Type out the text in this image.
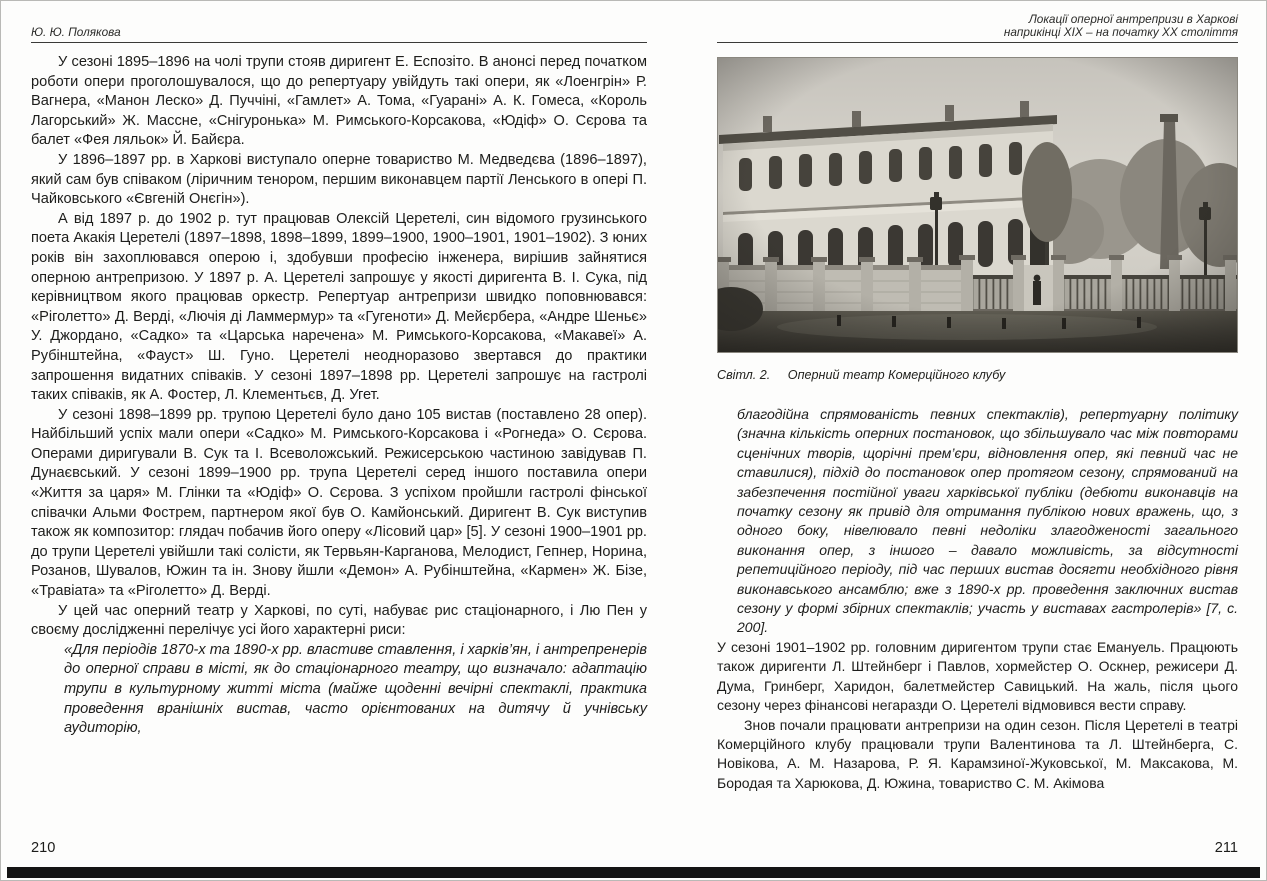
Ю. Ю. Полякова
Локації оперної антрепризи в Харкові
наприкінці XIX – на початку XX століття

У сезоні 1895–1896 на чолі трупи стояв диригент Е. Еспозіто. В анонсі перед початком роботи опери проголошувалося, що до репертуару увійдуть такі опери, як «Лоенгрін» Р. Вагнера, «Манон Леско» Д. Пуччіні, «Гамлет» А. Тома, «Гуарані» А. К. Гомеса, «Король Лагорський» Ж. Массне, «Снігуронька» М. Римського-Корсакова, «Юдіф» О. Сєрова та балет «Фея ляльок» Й. Байєра.

У 1896–1897 рр. в Харкові виступало оперне товариство М. Медведєва (1896–1897), який сам був співаком (ліричним тенором, першим виконавцем партії Ленського в опері П. Чайковського «Євгеній Онєгін»).

А від 1897 р. до 1902 р. тут працював Олексій Церетелі, син відомого грузинського поета Акакія Церетелі (1897–1898, 1898–1899, 1899–1900, 1900–1901, 1901–1902). З юних років він захоплювався оперою і, здобувши професію інженера, вирішив зайнятися оперною антрепризою. У 1897 р. А. Церетелі запрошує у якості диригента В. І. Сука, під керівництвом якого працював оркестр. Репертуар антрепризи швидко поповнювався: «Ріголетто» Д. Верді, «Лючія ді Ламмермур» та «Гугеноти» Д. Мейєрбера, «Андре Шеньє» У. Джордано, «Садко» та «Царська наречена» М. Римського-Корсакова, «Макавеї» А. Рубінштейна, «Фауст» Ш. Гуно. Церетелі неодноразово звертався до практики запрошення видатних співаків. У сезоні 1897–1898 рр. Церетелі запрошує на гастролі таких співаків, як А. Фостер, Л. Клементьєв, Д. Угет.

У сезоні 1898–1899 рр. трупою Церетелі було дано 105 вистав (поставлено 28 опер). Найбільший успіх мали опери «Садко» М. Римського-Корсакова і «Рогнеда» О. Сєрова. Операми диригували В. Сук та І. Всеволожський. Режисерською частиною завідував П. Дунаєвський. У сезоні 1899–1900 рр. трупа Церетелі серед іншого поставила опери «Життя за царя» М. Глінки та «Юдіф» О. Сєрова. З успіхом пройшли гастролі фінської співачки Альми Фострем, партнером якої був О. Камйонський. Диригент В. Сук виступив також як композитор: глядач побачив його оперу «Лісовий цар» [5]. У сезоні 1900–1901 рр. до трупи Церетелі увійшли такі солісти, як Тервьян-Карганова, Мелодист, Гепнер, Норина, Розанов, Шувалов, Южин та ін. Знову йшли «Демон» А. Рубінштейна, «Кармен» Ж. Бізе, «Травіата» та «Ріголетто» Д. Верді.

У цей час оперний театр у Харкові, по суті, набуває рис стаціонарного, і Лю Пен у своєму дослідженні перелічує усі його характерні риси:

«Для періодів 1870-х та 1890-х рр. властиве ставлення, і харків’ян, і антрепренерів до оперної справи в місті, як до стаціонарного театру, що визначало: адаптацію трупи в культурному житті міста (майже щоденні вечірні спектаклі, практика проведення вранішніх вистав, часто орієнтованих на дитячу й учнівську аудиторію,

Світл. 2. Оперний театр Комерційного клубу

благодійна спрямованість певних спектаклів), репертуарну політику (значна кількість оперних постановок, що збільшувало час між повторами сценічних творів, щорічні прем’єри, відновлення опер, які певний час не ставилися), підхід до постановок опер протягом сезону, спрямований на забезпечення постійної уваги харківської публіки (дебюти виконавців на початку сезону як привід для отримання публікою нових вражень, що, з одного боку, нівелювало певні недоліки злагодженості загального виконання опер, з іншого – давало можливість, за відсутності репетиційного періоду, під час перших вистав досягти необхідного рівня виконавського ансамблю; вже з 1890-х рр. проведення заключних вистав сезону у формі збірних спектаклів; участь у виставах гастролерів» [7, с. 200].

У сезоні 1901–1902 рр. головним диригентом трупи стає Емануель. Працюють також диригенти Л. Штейнберг і Павлов, хормейстер О. Оскнер, режисери Д. Дума, Гринберг, Харидон, балетмейстер Савицький. На жаль, після цього сезону через фінансові негаразди О. Церетелі відмовився вести справу.

Знов почали працювати антрепризи на один сезон. Після Церетелі в театрі Комерційного клубу працювали трупи Валентинова та Л. Штейнберга, С. Новікова, А. М. Назарова, Р. Я. Карамзиної-Жуковської, М. Максакова, М. Бородая та Харюкова, Д. Южина, товариство С. М. Акімова

210	211
